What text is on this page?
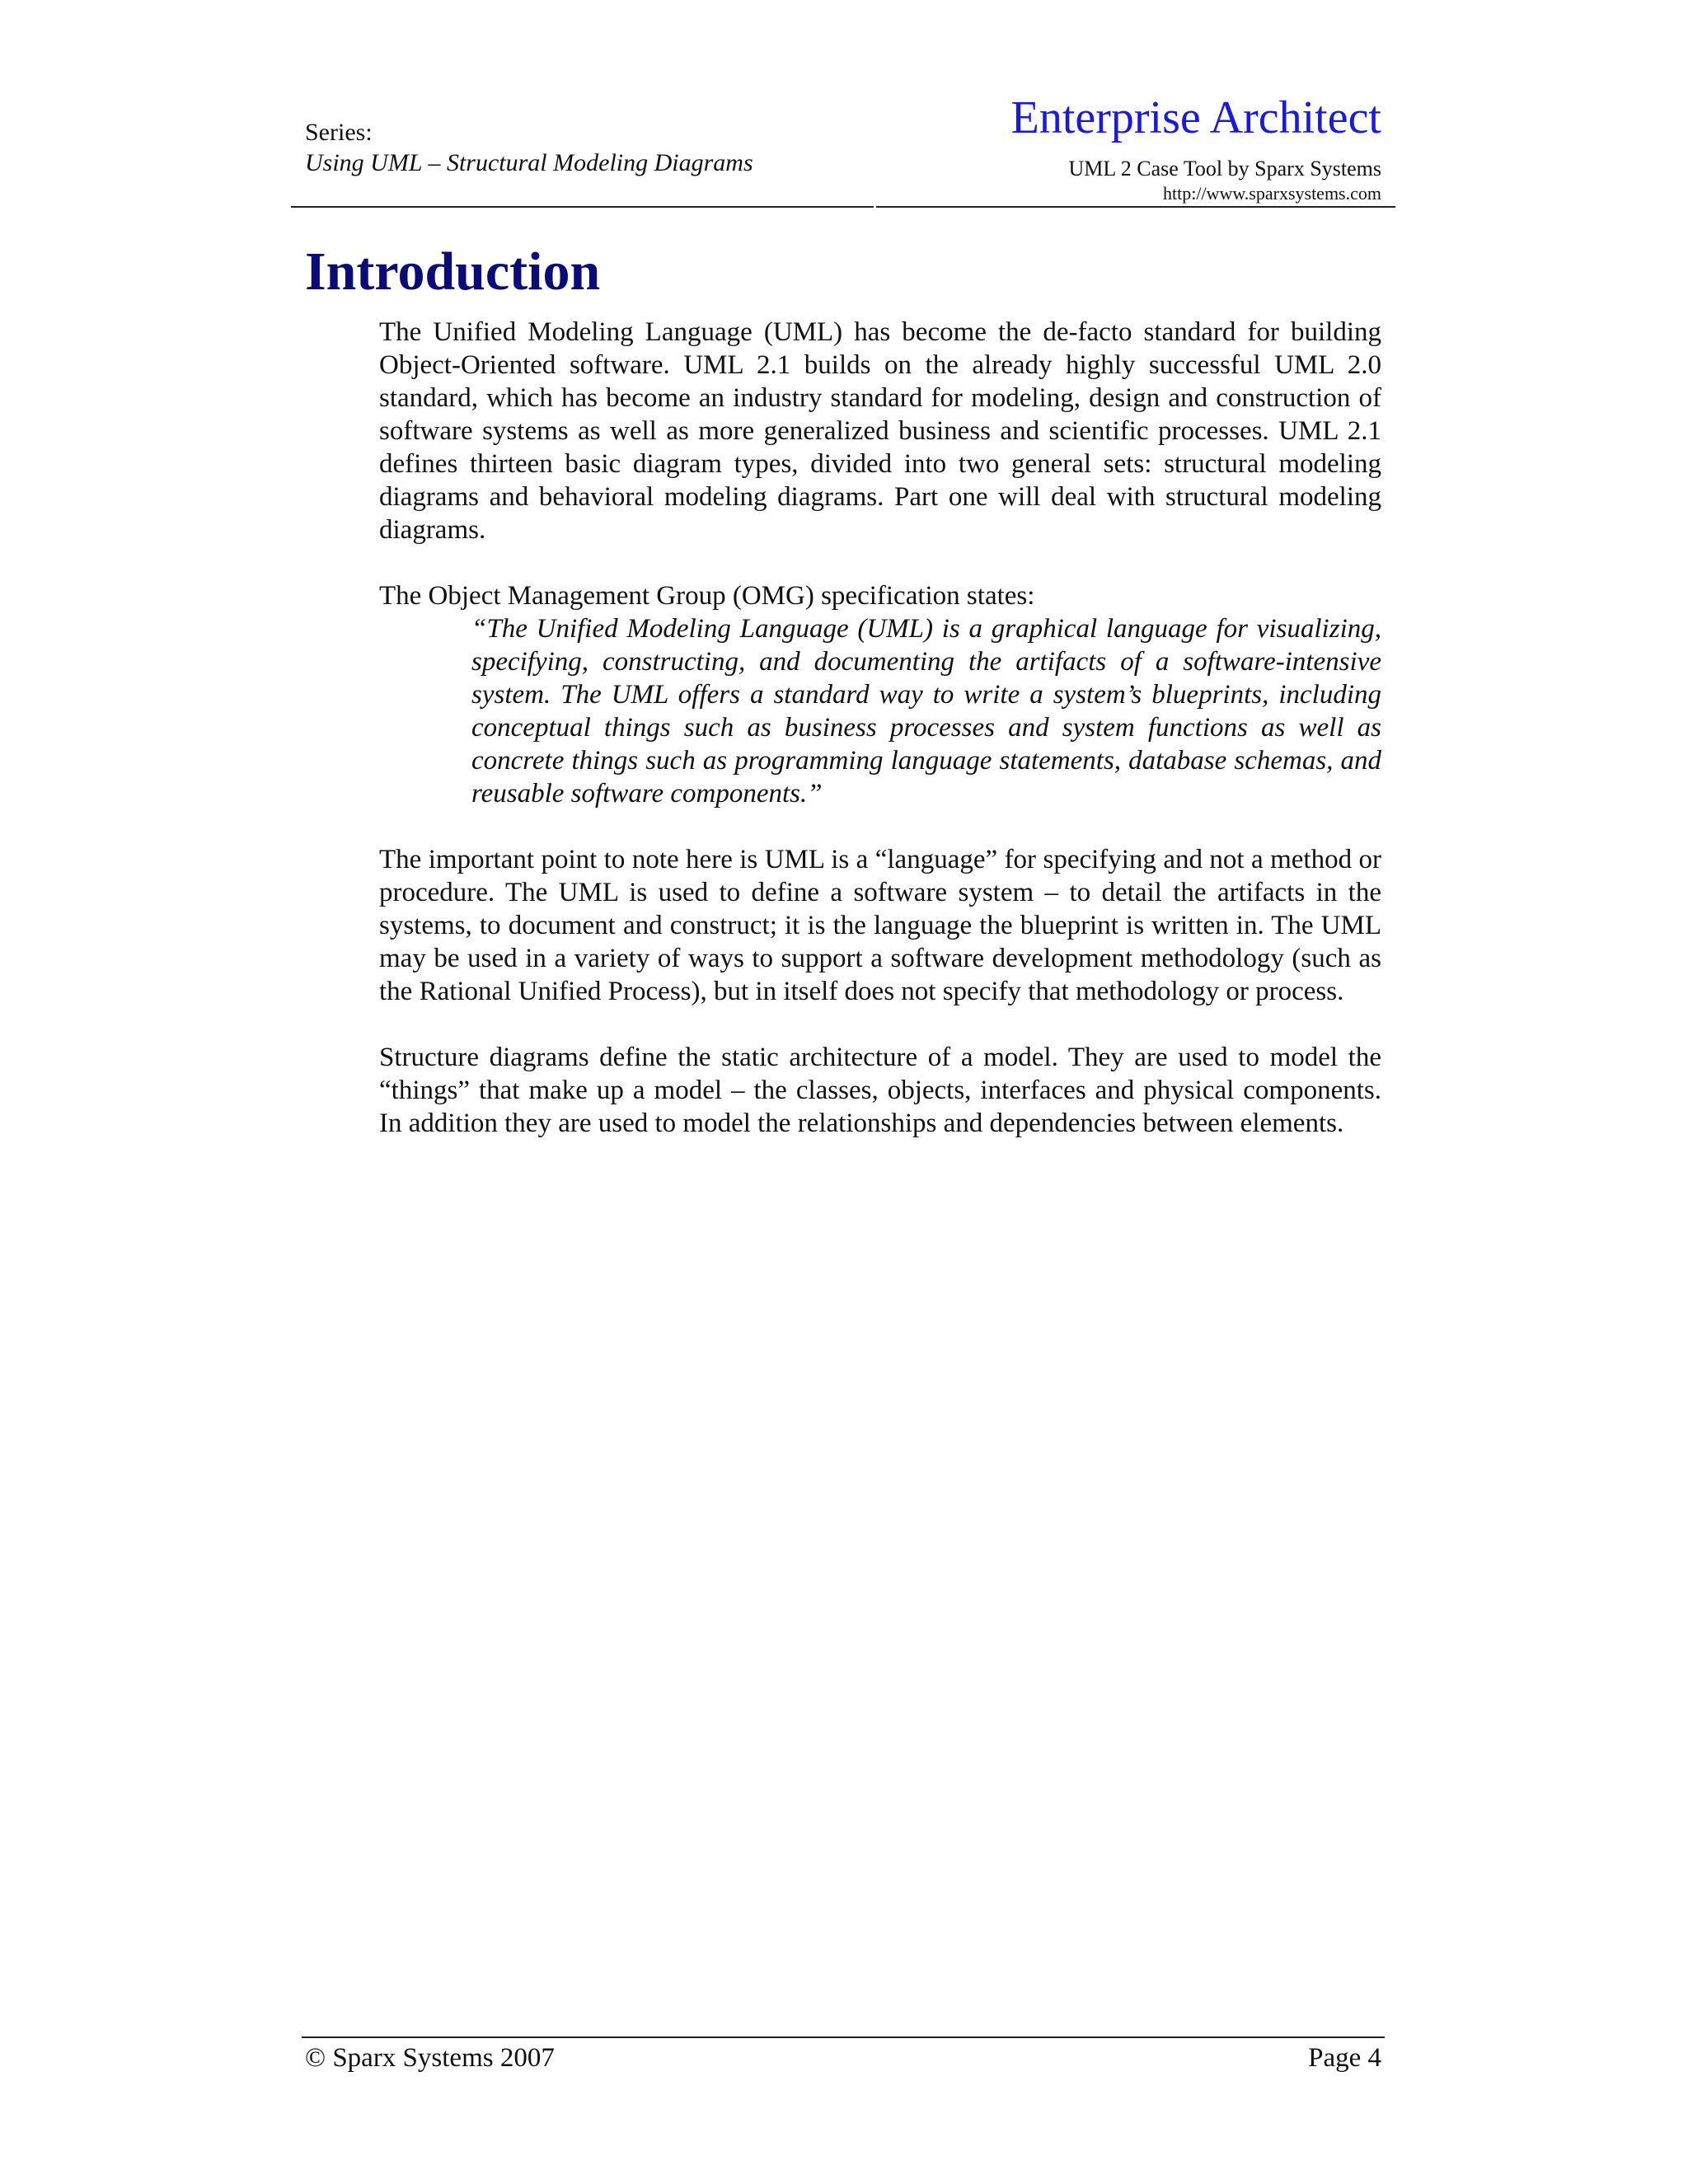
Series:
Using UML – Structural Modeling Diagrams
Enterprise Architect
UML 2 Case Tool by Sparx Systems
http://www.sparxsystems.com
Introduction

The Unified Modeling Language (UML) has become the de-facto standard for building Object-Oriented software. UML 2.1 builds on the already highly successful UML 2.0 standard, which has become an industry standard for modeling, design and construction of software systems as well as more generalized business and scientific processes. UML 2.1 defines thirteen basic diagram types, divided into two general sets: structural modeling diagrams and behavioral modeling diagrams. Part one will deal with structural modeling diagrams.

The Object Management Group (OMG) specification states:

“The Unified Modeling Language (UML) is a graphical language for visualizing, specifying, constructing, and documenting the artifacts of a software-intensive system. The UML offers a standard way to write a system’s blueprints, including conceptual things such as business processes and system functions as well as concrete things such as programming language statements, database schemas, and reusable software components.”

The important point to note here is UML is a “language” for specifying and not a method or procedure. The UML is used to define a software system – to detail the artifacts in the systems, to document and construct; it is the language the blueprint is written in. The UML may be used in a variety of ways to support a software development methodology (such as the Rational Unified Process), but in itself does not specify that methodology or process.

Structure diagrams define the static architecture of a model. They are used to model the “things” that make up a model – the classes, objects, interfaces and physical components. In addition they are used to model the relationships and dependencies between elements.

© Sparx Systems 2007	Page 4
